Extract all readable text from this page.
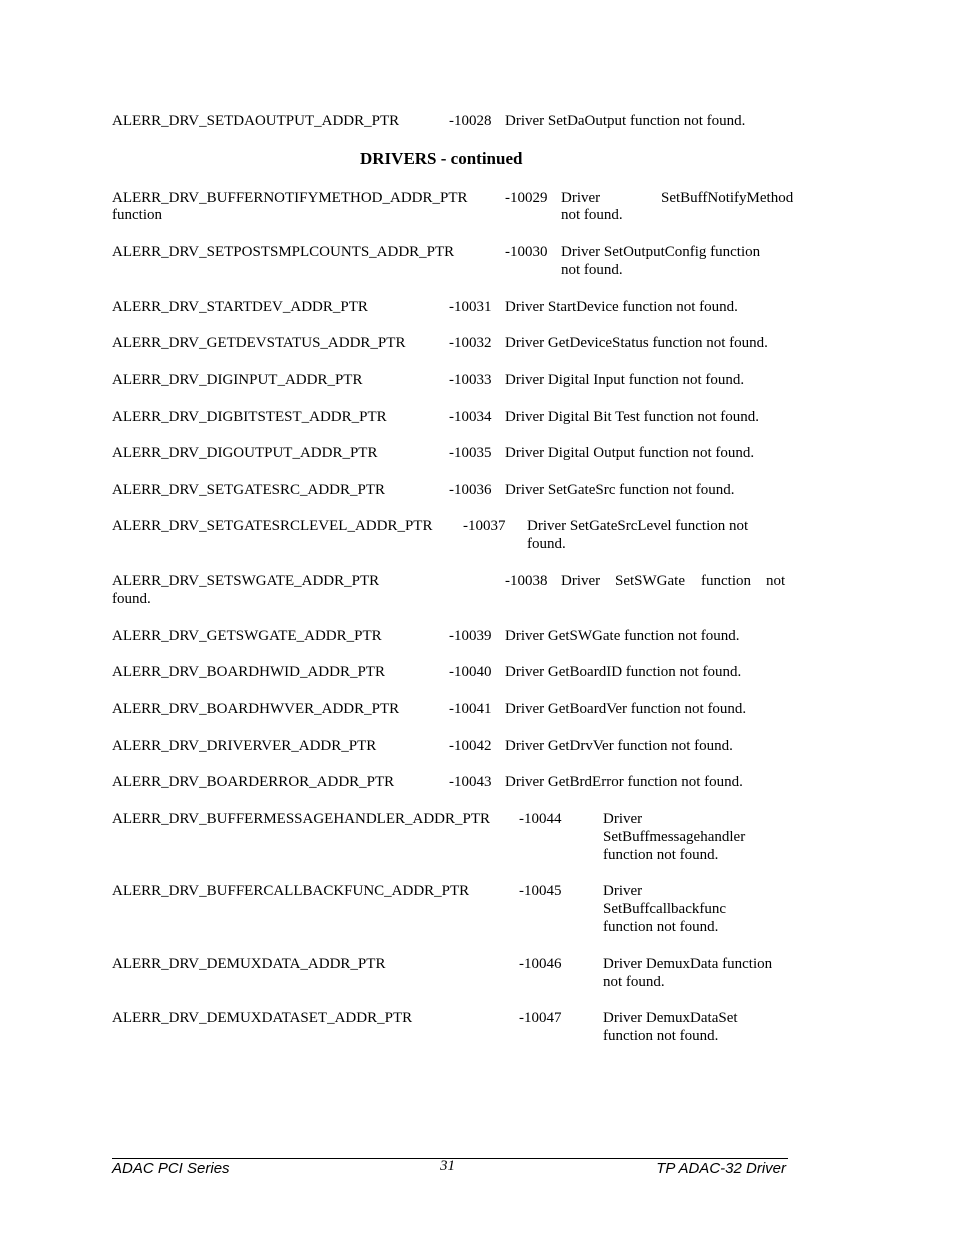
ALERR_DRV_SETDAOUTPUT_ADDR_PTR	-10028 Driver SetDaOutput function not found.
DRIVERS - continued
ALERR_DRV_BUFFERNOTIFYMETHOD_ADDR_PTR	-10029 Driver	SetBuffNotifyMethod
function	not found.
ALERR_DRV_SETPOSTSMPLCOUNTS_ADDR_PTR	-10030 Driver SetOutputConfig function
not found.
ALERR_DRV_STARTDEV_ADDR_PTR	-10031 Driver StartDevice function not found.
ALERR_DRV_GETDEVSTATUS_ADDR_PTR	-10032 Driver GetDeviceStatus function not found.
ALERR_DRV_DIGINPUT_ADDR_PTR	-10033 Driver Digital Input function not found.
ALERR_DRV_DIGBITSTEST_ADDR_PTR	-10034 Driver Digital Bit Test function not found.
ALERR_DRV_DIGOUTPUT_ADDR_PTR	-10035 Driver Digital Output function not found.
ALERR_DRV_SETGATESRC_ADDR_PTR	-10036 Driver SetGateSrc function not found.
ALERR_DRV_SETGATESRCLEVEL_ADDR_PTR -10037 Driver SetGateSrcLevel function not
found.
ALERR_DRV_SETSWGATE_ADDR_PTR	-10038 Driver SetSWGate function not
found.
ALERR_DRV_GETSWGATE_ADDR_PTR	-10039 Driver GetSWGate function not found.
ALERR_DRV_BOARDHWID_ADDR_PTR	-10040 Driver GetBoardID function not found.
ALERR_DRV_BOARDHWVER_ADDR_PTR	-10041 Driver GetBoardVer function not found.
ALERR_DRV_DRIVERVER_ADDR_PTR	-10042 Driver GetDrvVer function not found.
ALERR_DRV_BOARDERROR_ADDR_PTR	-10043 Driver GetBrdError function not found.
ALERR_DRV_BUFFERMESSAGEHANDLER_ADDR_PTR -10044	Driver
SetBuffmessagehandler
function not found.
ALERR_DRV_BUFFERCALLBACKFUNC_ADDR_PTR	-10045	Driver
SetBuffcallbackfunc
function not found.
ALERR_DRV_DEMUXDATA_ADDR_PTR	-10046	Driver DemuxData function
not found.
ALERR_DRV_DEMUXDATASET_ADDR_PTR	-10047	Driver DemuxDataSet
function not found.
ADAC PCI Series	31	TP ADAC-32 Driver
